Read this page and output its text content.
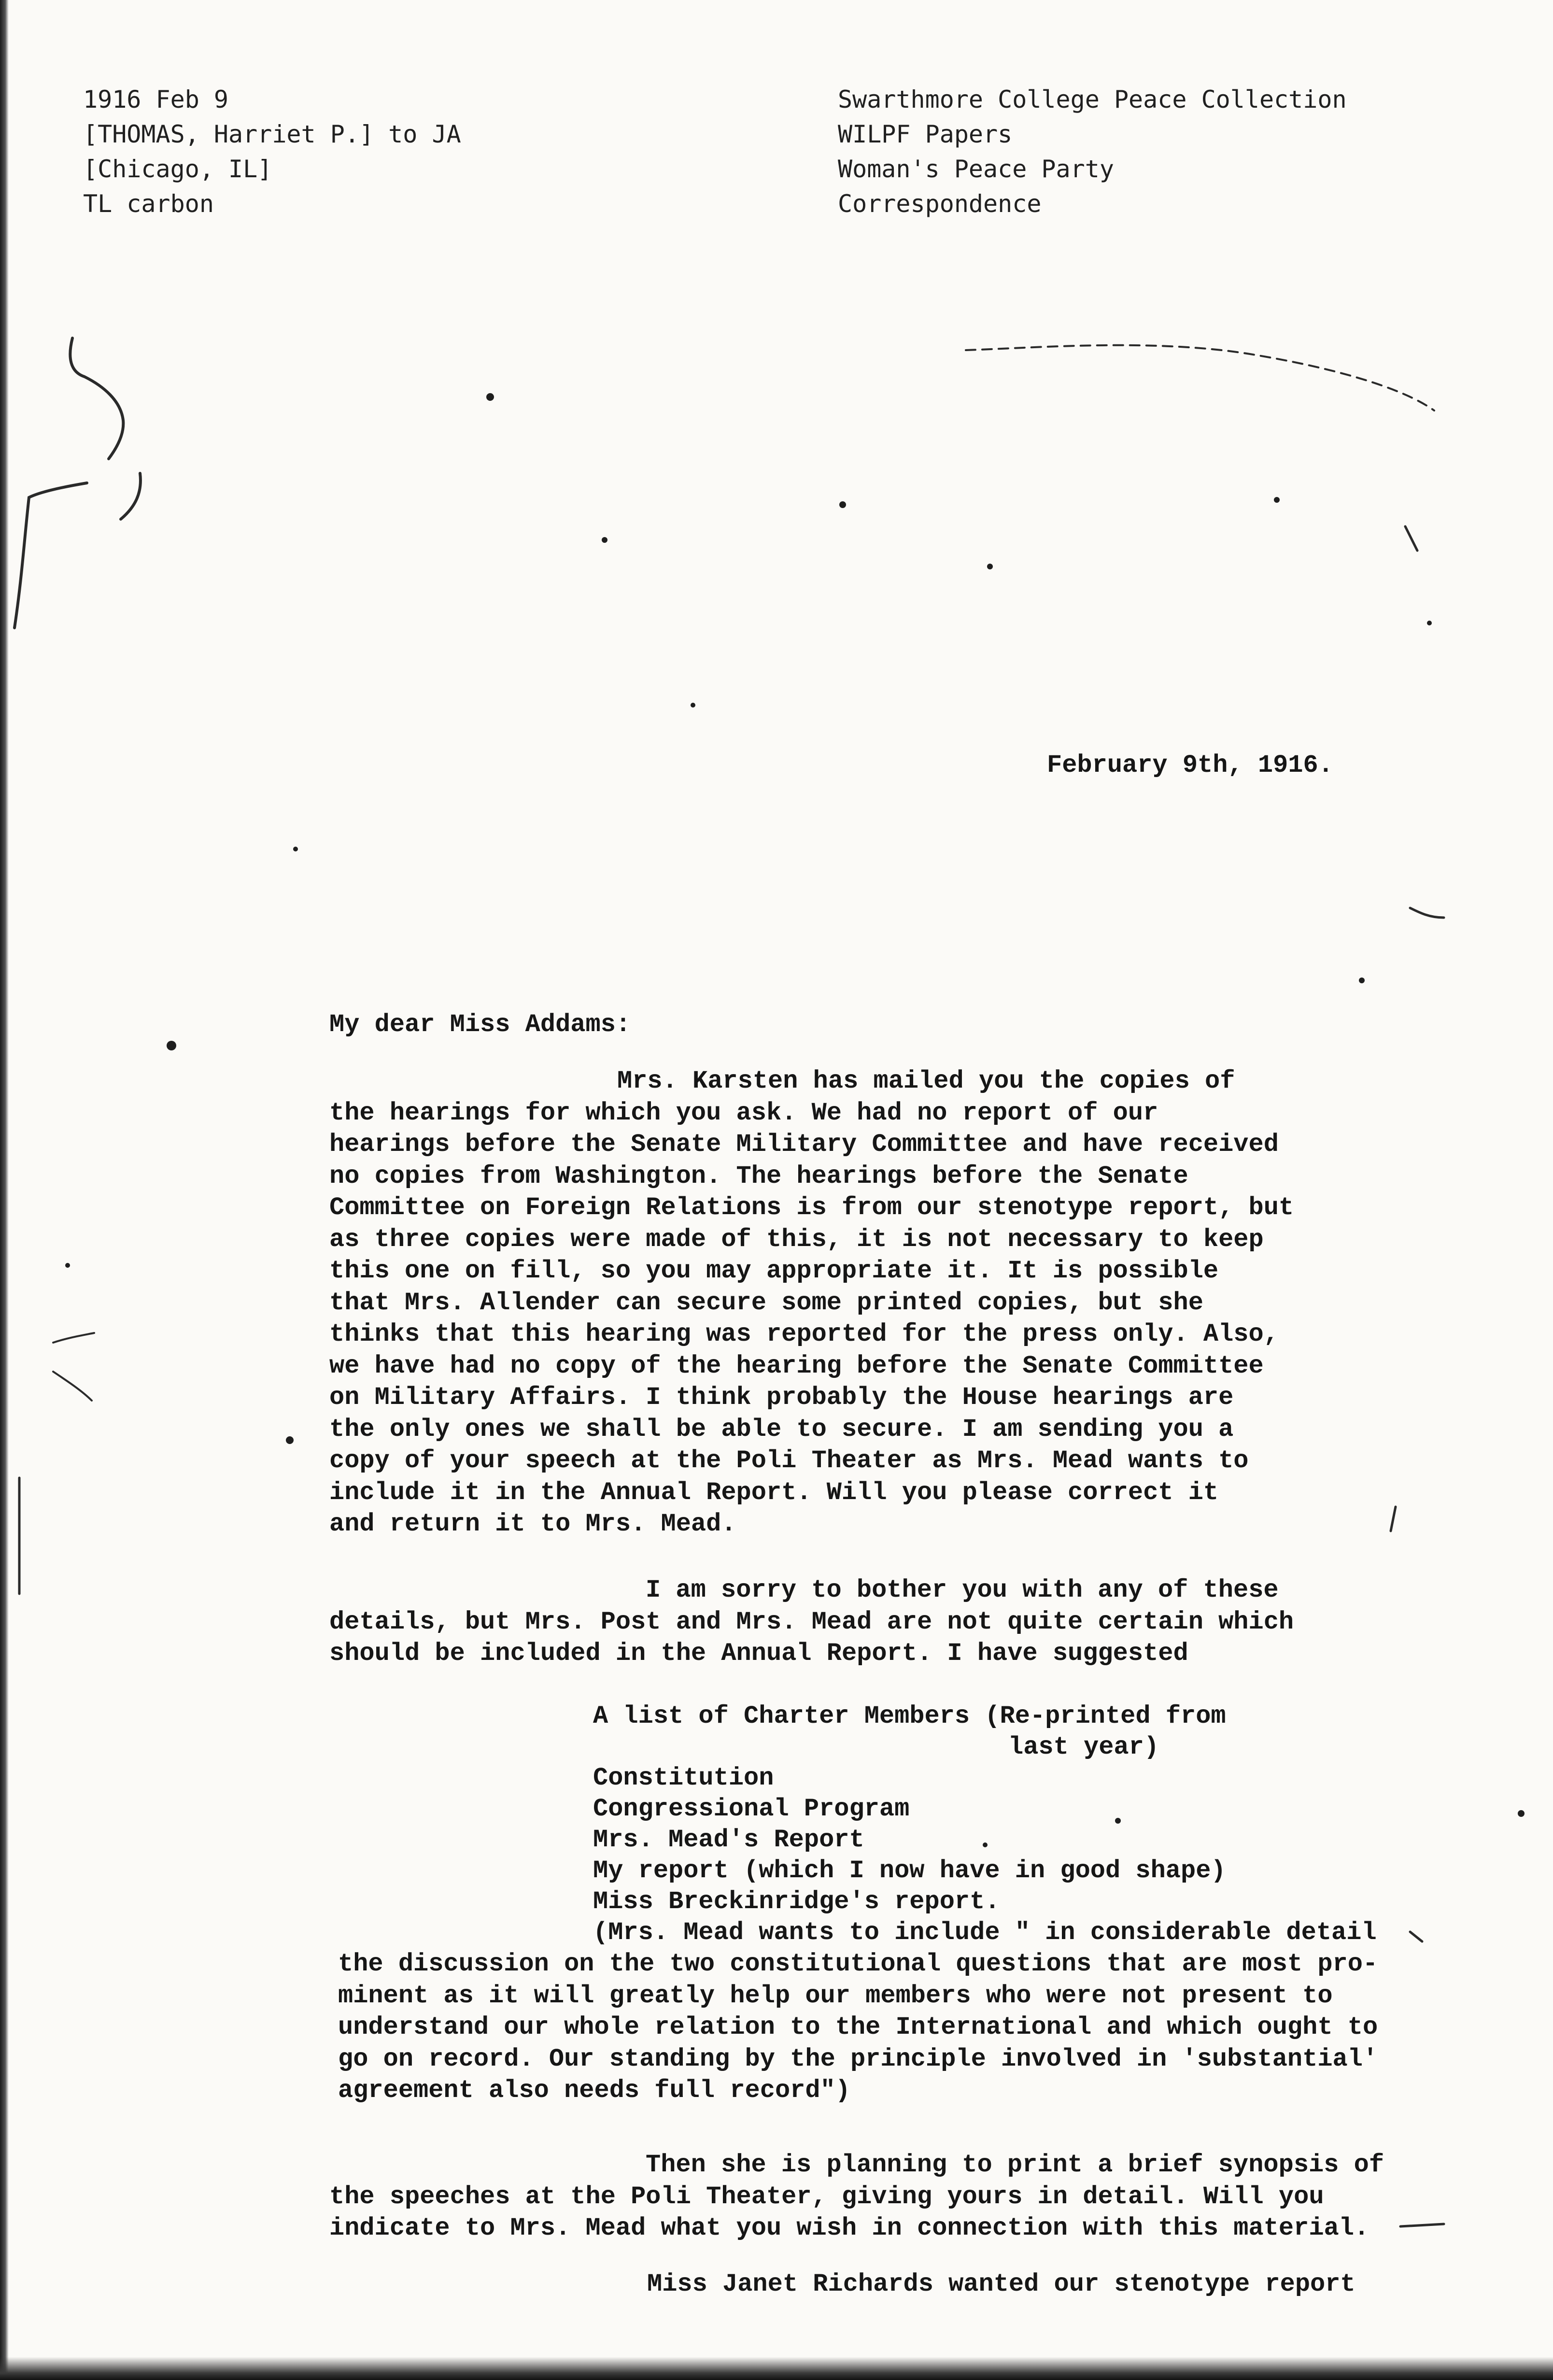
1916 Feb 9
[THOMAS, Harriet P.] to JA
[Chicago, IL]
TL carbon
Swarthmore College Peace Collection
WILPF Papers
Woman's Peace Party
Correspondence
February 9th, 1916.
My dear Miss Addams:
Mrs. Karsten has mailed you the copies of
the hearings for which you ask. We had no report of our
hearings before the Senate Military Committee and have received
no copies from Washington. The hearings before the Senate
Committee on Foreign Relations is from our stenotype report, but
as three copies were made of this, it is not necessary to keep
this one on fill, so you may appropriate it. It is possible
that Mrs. Allender can secure some printed copies, but she
thinks that this hearing was reported for the press only. Also,
we have had no copy of the hearing before the Senate Committee
on Military Affairs. I think probably the House hearings are
the only ones we shall be able to secure. I am sending you a
copy of your speech at the Poli Theater as Mrs. Mead wants to
include it in the Annual Report. Will you please correct it
and return it to Mrs. Mead.
I am sorry to bother you with any of these
details, but Mrs. Post and Mrs. Mead are not quite certain which
should be included in the Annual Report. I have suggested
A list of Charter Members (Re-printed from
last year)
Constitution
Congressional Program
Mrs. Mead's Report
My report (which I now have in good shape)
Miss Breckinridge's report.
(Mrs. Mead wants to include " in considerable detail
the discussion on the two constitutional questions that are most pro-
minent as it will greatly help our members who were not present to
understand our whole relation to the International and which ought to
go on record. Our standing by the principle involved in 'substantial'
agreement also needs full record")
Then she is planning to print a brief synopsis of
the speeches at the Poli Theater, giving yours in detail. Will you
indicate to Mrs. Mead what you wish in connection with this material.
Miss Janet Richards wanted our stenotype report
